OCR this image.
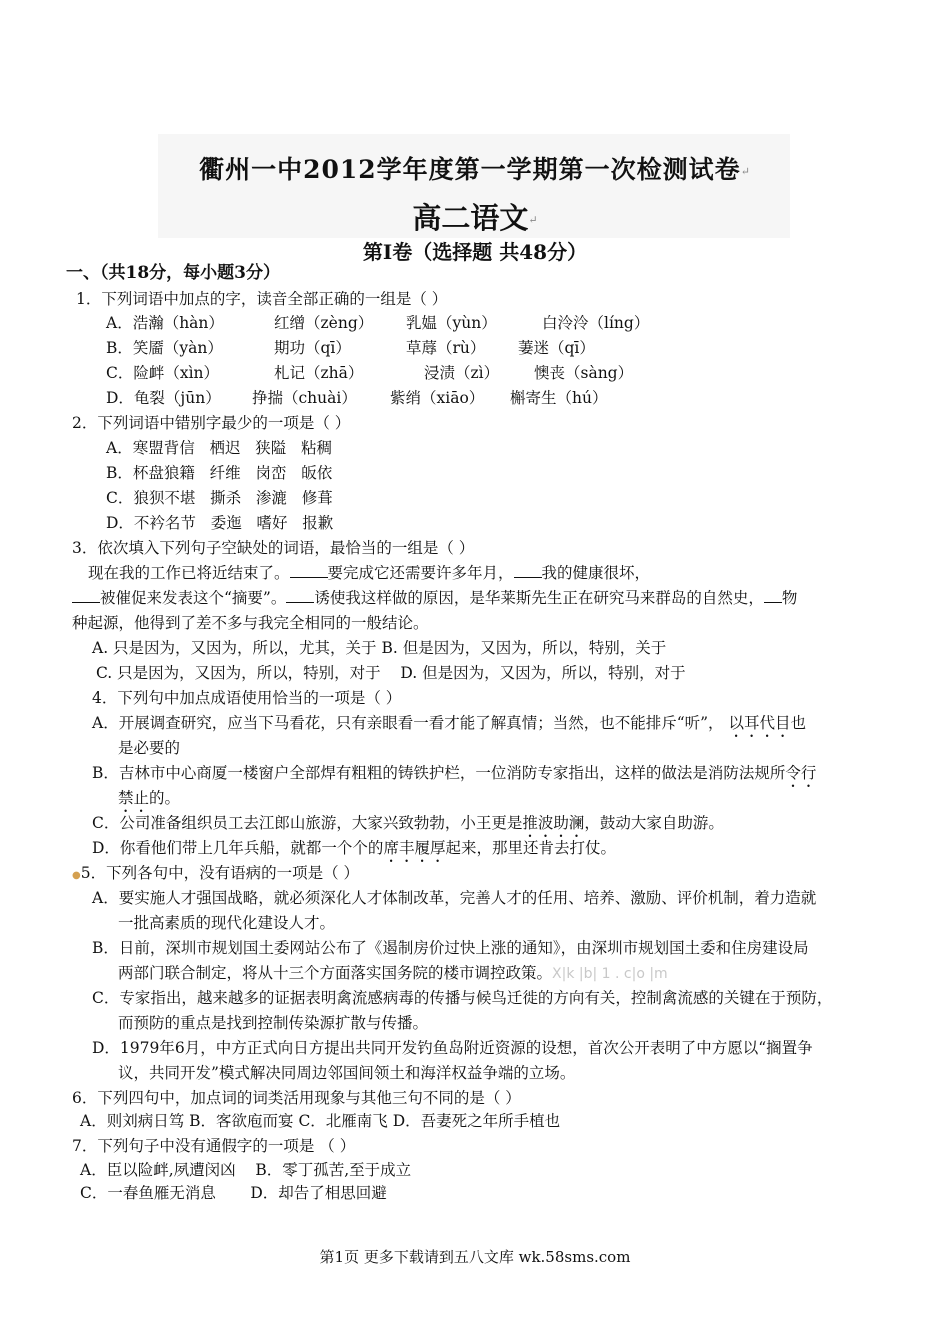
衢州一中2012学年度第一学期第一次检测试卷↵
高二语文↵
第Ⅰ卷（选择题 共48分）
一、（共18分，每小题3分）
1．下列词语中加点的字，读音全部正确的一组是（ ）
A．浩瀚（hàn）	红缯（zèng） 乳媪（yùn）	白泠泠（líng）
B．笑靥（yàn）	期功（qī）	草蓐（rù） 萋迷（qī）
C．险衅（xìn）	札记（zhā）	浸渍（zì） 懊丧（sàng）
D．龟裂（jūn） 挣揣（chuài） 紫绡（xiāo） 槲寄生（hú）
2．下列词语中错别字最少的一项是（ ）
A．寒盟背信   栖迟   狭隘   粘稠
B．杯盘狼籍   纤维   岗峦   皈依
C．狼狈不堪   撕杀   渗漉   修葺
D．不衿名节   委迤   嗜好   报歉
3．依次填入下列句子空缺处的词语，最恰当的一组是（ ）
现在我的工作已将近结束了。 要完成它还需要许多年月， 我的健康很坏，
被催促来发表这个“摘要”。 诱使我这样做的原因，是华莱斯先生正在研究马来群岛的自然史， 物
种起源，他得到了差不多与我完全相同的一般结论。
A. 只是因为，又因为，所以，尤其，关于 B. 但是因为，又因为，所以，特别，关于
C. 只是因为，又因为，所以，特别，对于    D. 但是因为，又因为，所以，特别，对于
4．下列句中加点成语使用恰当的一项是（ ）
A．开展调查研究，应当下马看花，只有亲眼看一看才能了解真情；当然，也不能排斥“听”， 以耳代目也
是必要的
B．吉林市中心商厦一楼窗户全部焊有粗粗的铸铁护栏，一位消防专家指出，这样的做法是消防法规所令行
禁止的。
C．公司准备组织员工去江郎山旅游，大家兴致勃勃，小王更是推波助澜，鼓动大家自助游。
D．你看他们带上几年兵船，就都一个个的席丰履厚起来，那里还肯去打仗。
●5．下列各句中，没有语病的一项是（ ）
A．要实施人才强国战略，就必须深化人才体制改革，完善人才的任用、培养、激励、评价机制，着力造就
一批高素质的现代化建设人才。
B．日前，深圳市规划国土委网站公布了《遏制房价过快上涨的通知》，由深圳市规划国土委和住房建设局
两部门联合制定，将从十三个方面落实国务院的楼市调控政策。X|k |b| 1 . c|o |m
C．专家指出，越来越多的证据表明禽流感病毒的传播与候鸟迁徙的方向有关，控制禽流感的关键在于预防，
而预防的重点是找到控制传染源扩散与传播。
D．1979年6月，中方正式向日方提出共同开发钓鱼岛附近资源的设想，首次公开表明了中方愿以“搁置争
议，共同开发”模式解决同周边邻国间领土和海洋权益争端的立场。
6．下列四句中，加点词的词类活用现象与其他三句不同的是（ ）
A．则刘病日笃 B．客欲庖而宴 C．北雁南飞 D．吾妻死之年所手植也
7．下列句子中没有通假字的一项是 （ ）
A．臣以险衅,夙遭闵凶    B．零丁孤苦,至于成立
C．一春鱼雁无消息       D．却告了相思回避
第1页 更多下载请到五八文库 wk.58sms.com
